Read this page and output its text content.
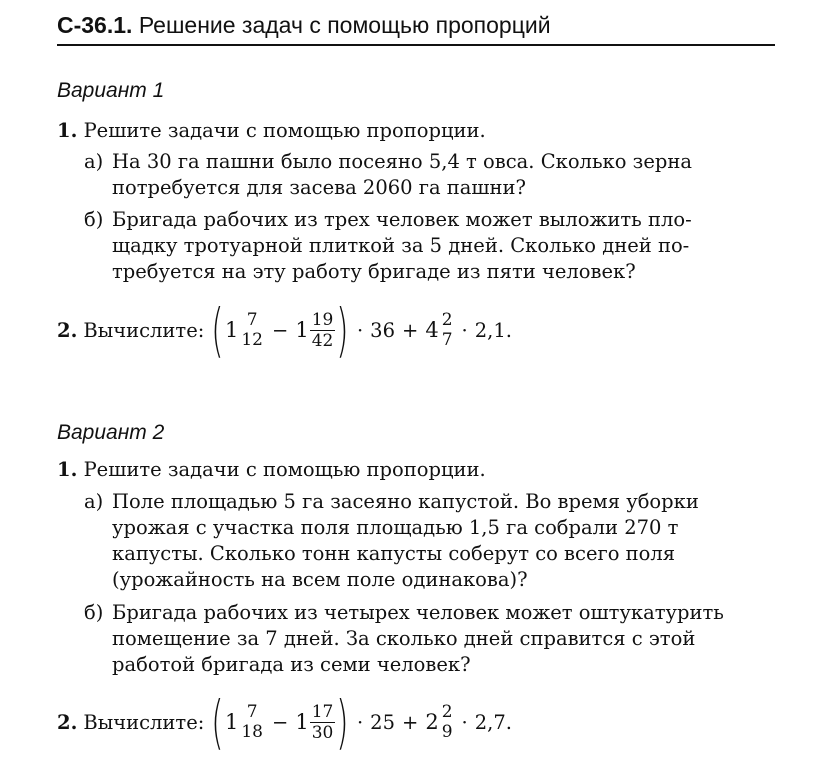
С-36.1. Решение задач с помощью пропорций
Вариант 1
1. Решите задачи с помощью пропорции.
а) На 30 га пашни было посеяно 5,4 т овса. Сколько зерна
потребуется для засева 2060 га пашни?
б) Бригада рабочих из трех человек может выложить пло-
щадку тротуарной плиткой за 5 дней. Сколько дней по-
требуется на эту работу бригаде из пяти человек?
2. Вычислите: ( 1 7
$12 - 1 \frac{19}{42}$ ) · 36 + 4 2
7 · 2,1.
Вариант 2
1. Решите задачи с помощью пропорции.
а) Поле площадью 5 га засеяно капустой. Во время уборки
урожая с участка поля площадью 1,5 га собрали 270 т
капусты. Сколько тонн капусты соберут со всего поля
(урожайность на всем поле одинакова)?
б) Бригада рабочих из четырех человек может оштукатурить
помещение за 7 дней. За сколько дней справится с этой
работой бригада из семи человек?
2. Вычислите: ( 1 7
$18 - 1 \frac{17}{30}$ ) · 25 + 2 2
9 · 2,7.
